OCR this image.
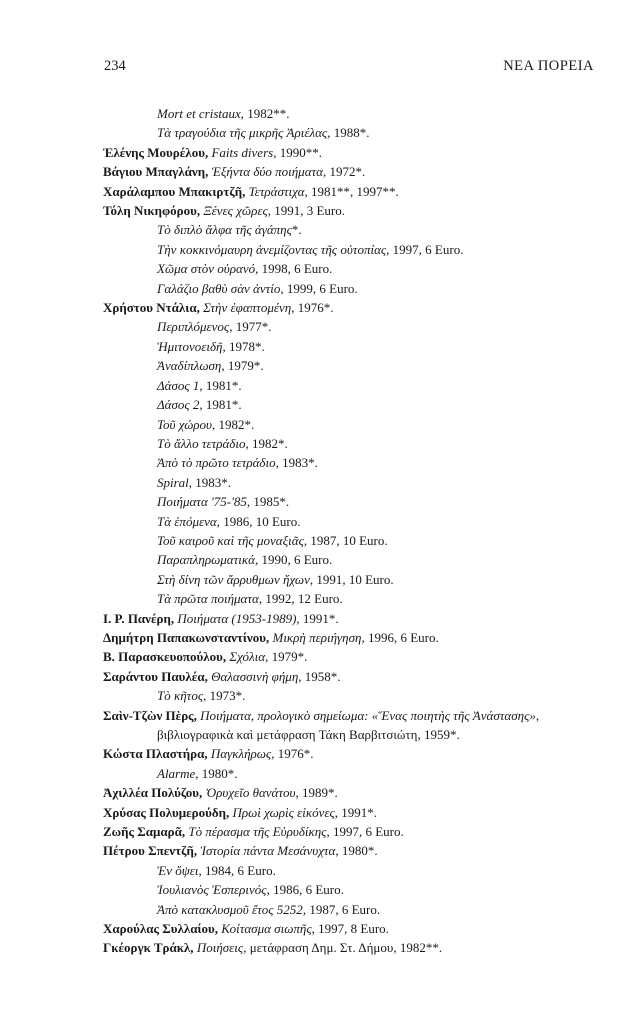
234	ΝΕΑ ΠΟΡΕΙΑ
Mort et cristaux, 1982**.
Τὰ τραγούδια τῆς μικρῆς Ἀριέλας, 1988*.
Ἑλένης Μουρέλου, Faits divers, 1990**.
Βάγιου Μπαγλάνη, Ἑξήντα δύο ποιήματα, 1972*.
Χαράλαμπου Μπακιρτζῆ, Τετράστιχα, 1981**, 1997**.
Τόλη Νικηφόρου, Ξένες χῶρες, 1991, 3 Euro.
Τὸ διπλὸ ἄλφα τῆς ἀγάπης*.
Τὴν κοκκινόμαυρη ἀνεμίζοντας τῆς οὐτοπίας, 1997, 6 Euro.
Χῶμα στὸν οὐρανό, 1998, 6 Euro.
Γαλάζιο βαθὺ σὰν ἀντίο, 1999, 6 Euro.
Χρήστου Ντάλια, Στὴν ἐφαπτομένη, 1976*.
Περιπλόμενος, 1977*.
Ἡμιτονοειδῆ, 1978*.
Ἀναδίπλωση, 1979*.
Δάσος 1, 1981*.
Δάσος 2, 1981*.
Τοῦ χώρου, 1982*.
Τὸ ἄλλο τετράδιο, 1982*.
Ἀπὸ τὸ πρῶτο τετράδιο, 1983*.
Spiral, 1983*.
Ποιήματα '75-'85, 1985*.
Τὰ ἑπόμενα, 1986, 10 Euro.
Τοῦ καιροῦ καὶ τῆς μοναξιᾶς, 1987, 10 Euro.
Παραπληρωματικά, 1990, 6 Euro.
Στὴ δίνη τῶν ἄρρυθμων ἤχων, 1991, 10 Euro.
Τὰ πρῶτα ποιήματα, 1992, 12 Euro.
Ι. Ρ. Πανέρη, Ποιήματα (1953-1989), 1991*.
Δημήτρη Παπακωνσταντίνου, Μικρὴ περιήγηση, 1996, 6 Euro.
Β. Παρασκευοπούλου, Σχόλια, 1979*.
Σαράντου Παυλέα, Θαλασσινὴ φήμη, 1958*.
Τὸ κῆτος, 1973*.
Σαὶν-Τζὼν Πὲρς, Ποιήματα, προλογικὸ σημείωμα: «Ἕνας ποιητὴς τῆς Ἀνάστασης», βιβλιογραφικὰ καὶ μετάφραση Τάκη Βαρβιτσιώτη, 1959*.
Κώστα Πλαστήρα, Παγκλήρως, 1976*.
Alarme, 1980*.
Ἀχιλλέα Πολύζου, Ὀρυχεῖο θανάτου, 1989*.
Χρύσας Πολυμερούδη, Πρωὶ χωρὶς εἰκόνες, 1991*.
Ζωῆς Σαμαρᾶ, Τὸ πέρασμα τῆς Εὐρυδίκης, 1997, 6 Euro.
Πέτρου Σπεντζῆ, Ἱστορία πάντα Μεσάνυχτα, 1980*.
Ἐν ὄψει, 1984, 6 Euro.
Ἰουλιανὸς Ἑσπερινός, 1986, 6 Euro.
Ἀπὸ κατακλυσμοῦ ἔτος 5252, 1987, 6 Euro.
Χαρούλας Συλλαίου, Κοίτασμα σιωπῆς, 1997, 8 Euro.
Γκέοργκ Τράκλ, Ποιήσεις, μετάφραση Δημ. Στ. Δήμου, 1982**.
